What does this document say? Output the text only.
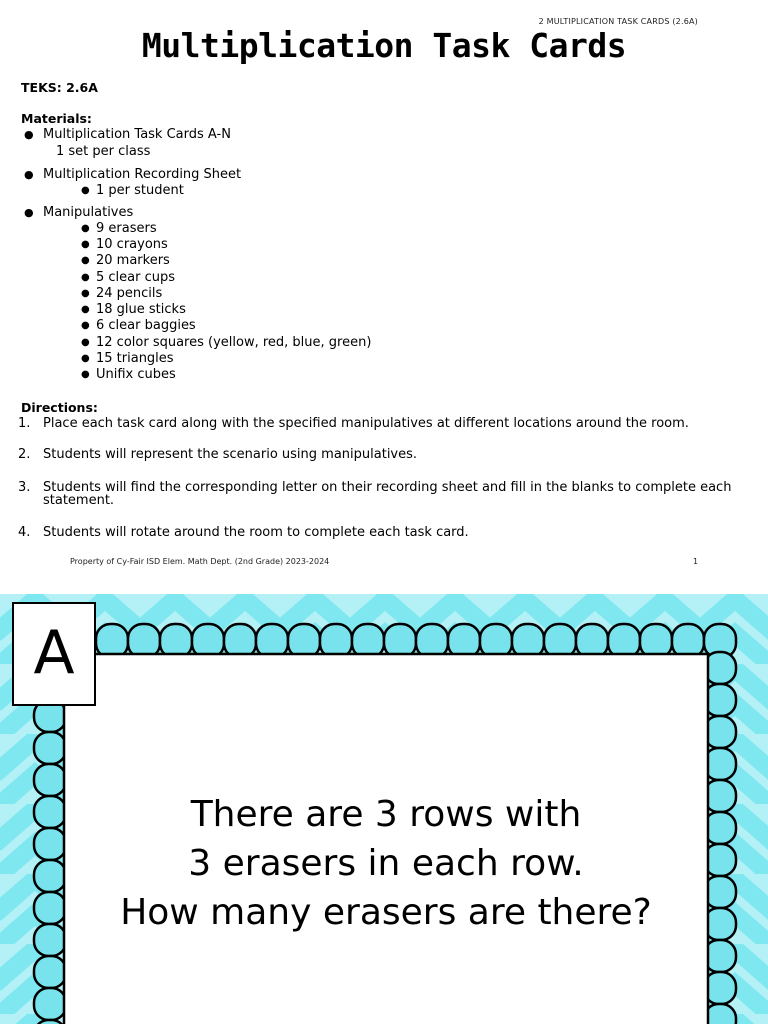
2 MULTIPLICATION TASK CARDS (2.6A)
Multiplication Task Cards
TEKS: 2.6A
Materials:
● Multiplication Task Cards A-N
1 set per class
● Multiplication Recording Sheet
● 1 per student
● Manipulatives
● 9 erasers
● 10 crayons
● 20 markers
● 5 clear cups
● 24 pencils
● 18 glue sticks
● 6 clear baggies
● 12 color squares (yellow, red, blue, green)
● 15 triangles
● Unifix cubes
Directions:
1. Place each task card along with the specified manipulatives at different locations around the room.
2. Students will represent the scenario using manipulatives.
3. Students will find the corresponding letter on their recording sheet and fill in the blanks to complete each statement.
4. Students will rotate around the room to complete each task card.
Property of Cy-Fair ISD Elem. Math Dept. (2nd Grade) 2023-2024	1
A
There are 3 rows with
3 erasers in each row.
How many erasers are there?
